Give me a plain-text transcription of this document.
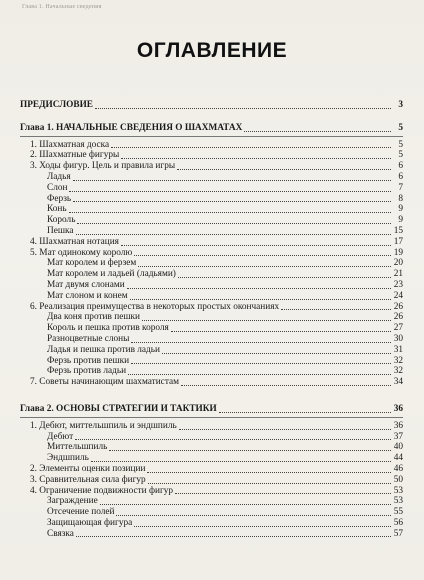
Глава 1. Начальные сведения
ОГЛАВЛЕНИЕ
ПРЕДИСЛОВИЕ	3
Глава 1. НАЧАЛЬНЫЕ СВЕДЕНИЯ О ШАХМАТАХ	5
1. Шахматная доска	5
2. Шахматные фигуры	5
3. Ходы фигур. Цель и правила игры	6
Ладья	6
Слон	7
Ферзь	8
Конь	9
Король	9
Пешка	15
4. Шахматная нотация	17
5. Мат одинокому королю	19
Мат королем и ферзем	20
Мат королем и ладьей (ладьями)	21
Мат двумя слонами	23
Мат слоном и конем	24
6. Реализация преимущества в некоторых простых окончаниях	26
Два коня против пешки	26
Король и пешка против короля	27
Разноцветные слоны	30
Ладья и пешка против ладьи	31
Ферзь против пешки	32
Ферзь против ладьи	32
7. Советы начинающим шахматистам	34
Глава 2. ОСНОВЫ СТРАТЕГИИ И ТАКТИКИ	36
1. Дебют, миттельшпиль и эндшпиль	36
Дебют	37
Миттельшпиль	40
Эндшпиль	44
2. Элементы оценки позиции	46
3. Сравнительная сила фигур	50
4. Ограничение подвижности фигур	53
Заграждение	53
Отсечение полей	55
Защищающая фигура	56
Связка	57
